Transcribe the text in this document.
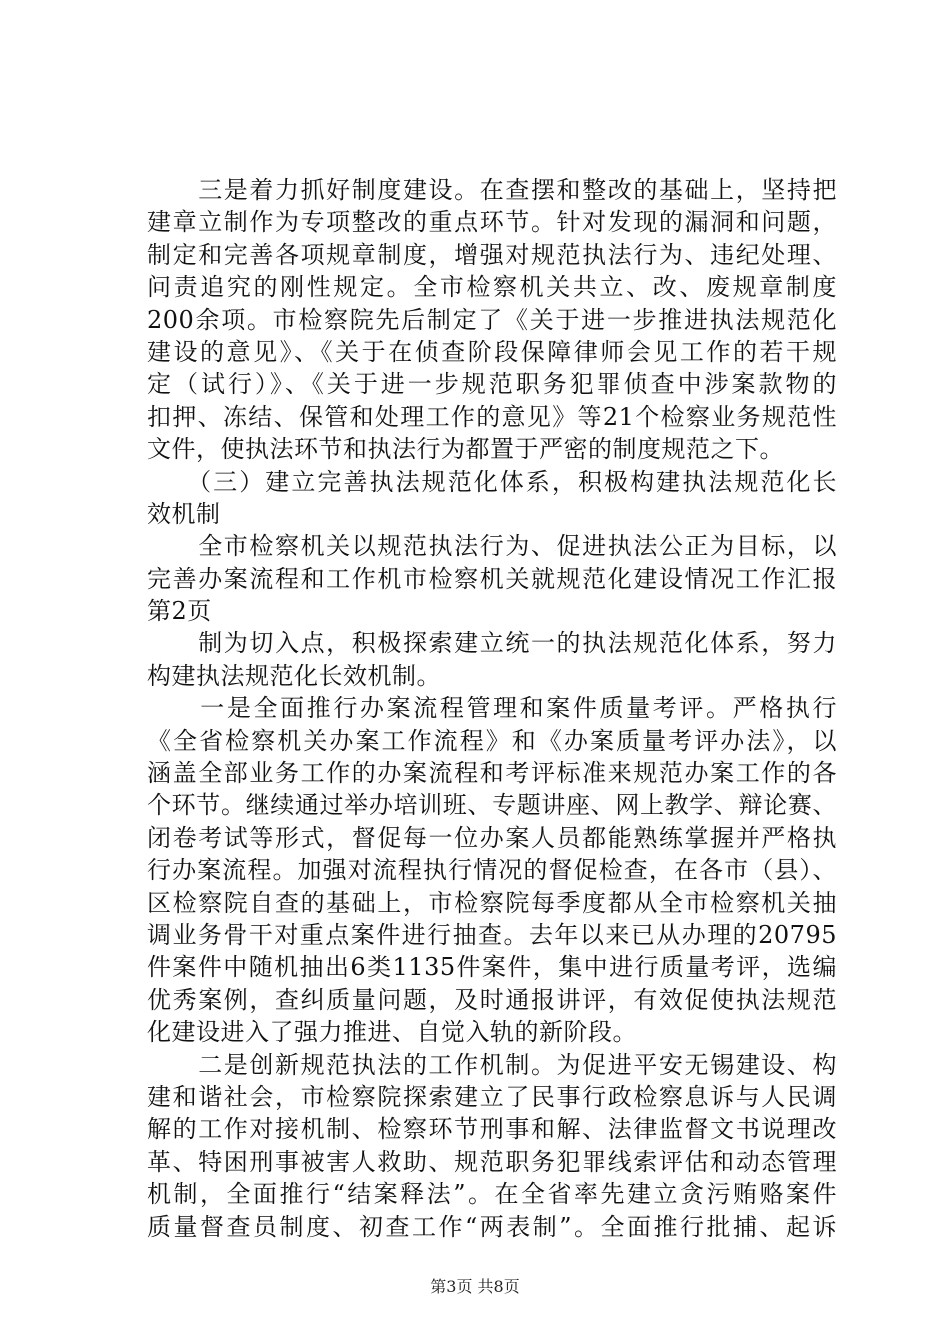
　　三是着力抓好制度建设。在查摆和整改的基础上，坚持把
建章立制作为专项整改的重点环节。针对发现的漏洞和问题，
制定和完善各项规章制度，增强对规范执法行为、违纪处理、
问责追究的刚性规定。全市检察机关共立、改、废规章制度
200余项。市检察院先后制定了《关于进一步推进执法规范化
建设的意见》、《关于在侦查阶段保障律师会见工作的若干规
定（试行）》、《关于进一步规范职务犯罪侦查中涉案款物的
扣押、冻结、保管和处理工作的意见》等21个检察业务规范性
文件，使执法环节和执法行为都置于严密的制度规范之下。
　　（三）建立完善执法规范化体系，积极构建执法规范化长
效机制
　　全市检察机关以规范执法行为、促进执法公正为目标，以
完善办案流程和工作机市检察机关就规范化建设情况工作汇报
第2页
　　制为切入点，积极探索建立统一的执法规范化体系，努力
构建执法规范化长效机制。
　　一是全面推行办案流程管理和案件质量考评。严格执行
《全省检察机关办案工作流程》和《办案质量考评办法》，以
涵盖全部业务工作的办案流程和考评标准来规范办案工作的各
个环节。继续通过举办培训班、专题讲座、网上教学、辩论赛、
闭卷考试等形式，督促每一位办案人员都能熟练掌握并严格执
行办案流程。加强对流程执行情况的督促检查，在各市（县）、
区检察院自查的基础上，市检察院每季度都从全市检察机关抽
调业务骨干对重点案件进行抽查。去年以来已从办理的20795
件案件中随机抽出6类1135件案件，集中进行质量考评，选编
优秀案例，查纠质量问题，及时通报讲评，有效促使执法规范
化建设进入了强力推进、自觉入轨的新阶段。
　　二是创新规范执法的工作机制。为促进平安无锡建设、构
建和谐社会，市检察院探索建立了民事行政检察息诉与人民调
解的工作对接机制、检察环节刑事和解、法律监督文书说理改
革、特困刑事被害人救助、规范职务犯罪线索评估和动态管理
机制，全面推行“结案释法”。在全省率先建立贪污贿赂案件
质量督查员制度、初查工作“两表制”。全面推行批捕、起诉
第3页 共8页
